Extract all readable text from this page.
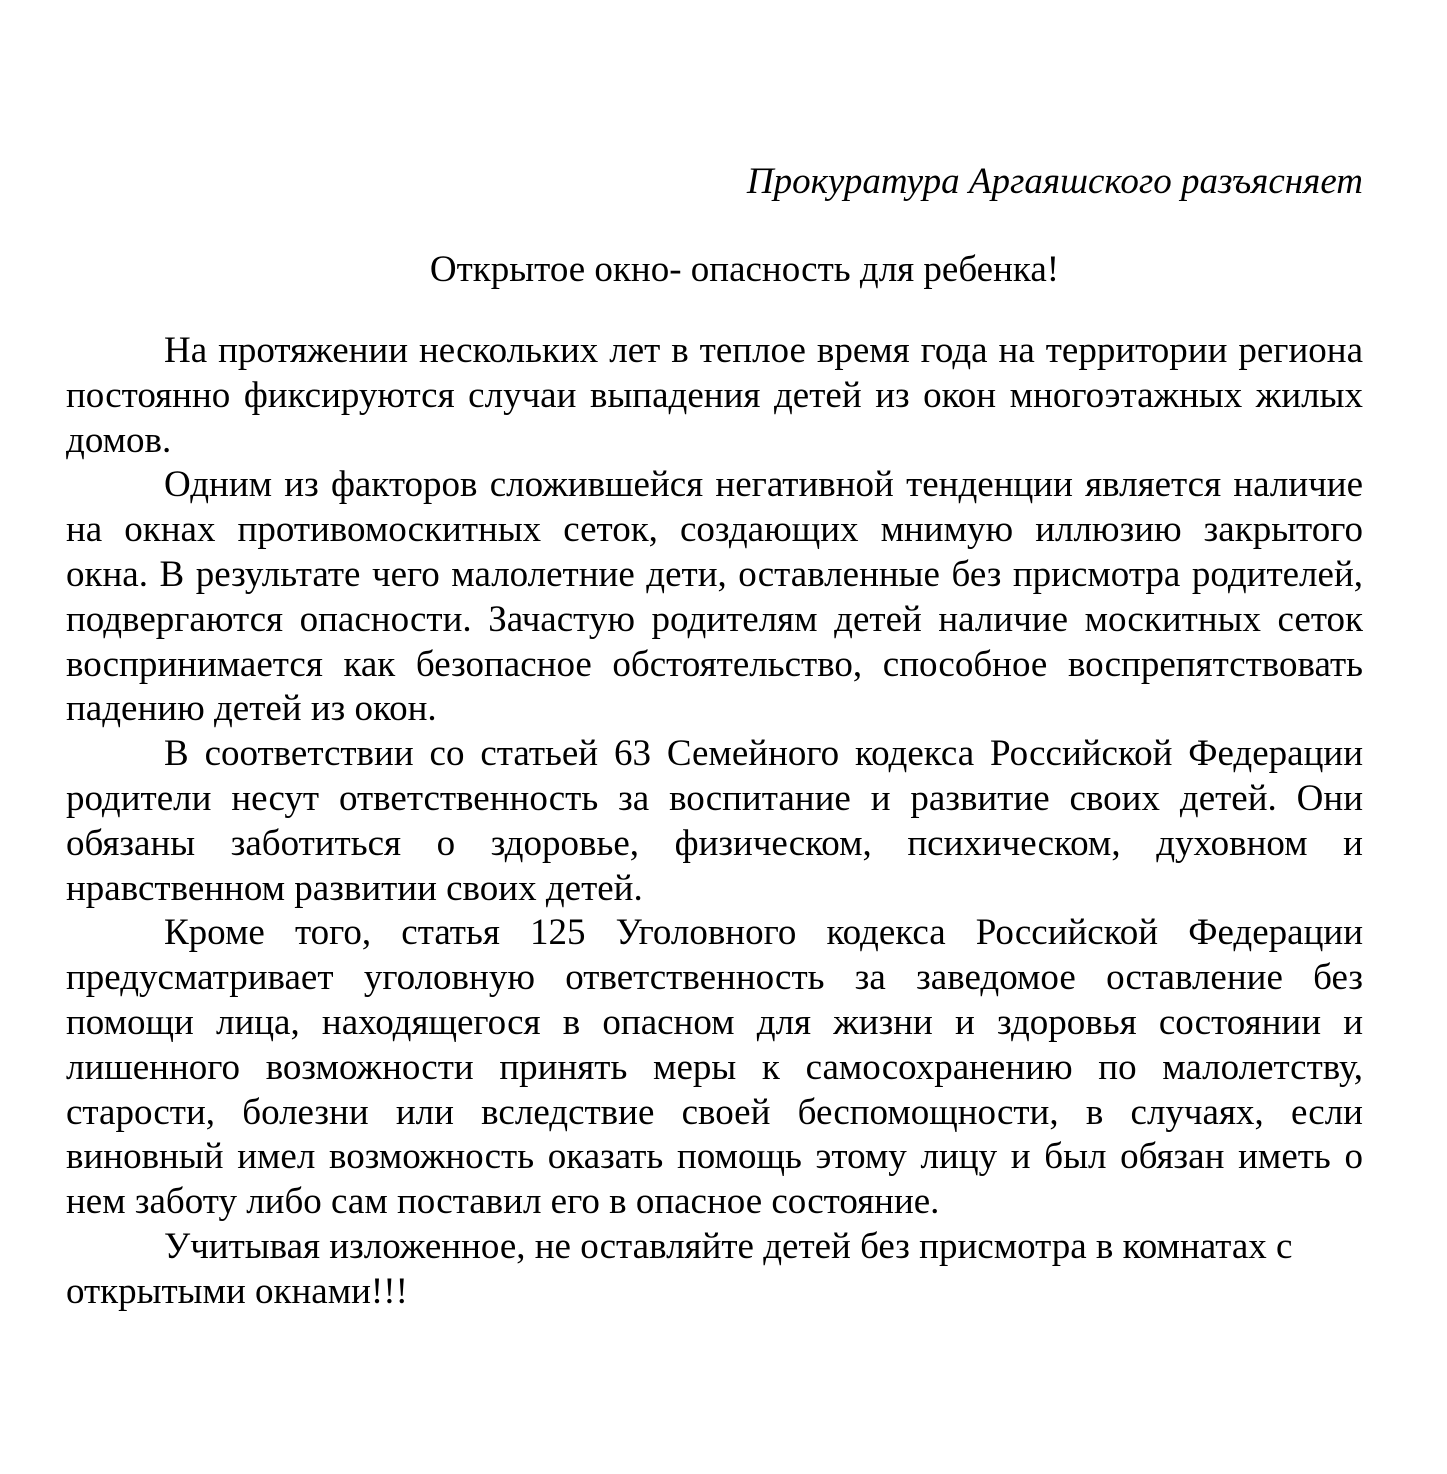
Прокуратура Аргаяшского разъясняет

Открытое окно- опасность для ребенка!

На протяжении нескольких лет в теплое время года на территории региона постоянно фиксируются случаи выпадения детей из окон многоэтажных жилых домов.

Одним из факторов сложившейся негативной тенденции является наличие на окнах противомоскитных сеток, создающих мнимую иллюзию закрытого окна. В результате чего малолетние дети, оставленные без присмотра родителей, подвергаются опасности. Зачастую родителям детей наличие москитных сеток воспринимается как безопасное обстоятельство, способное воспрепятствовать падению детей из окон.

В соответствии со статьей 63 Семейного кодекса Российской Федерации родители несут ответственность за воспитание и развитие своих детей. Они обязаны заботиться о здоровье, физическом, психическом, духовном и нравственном развитии своих детей.

Кроме того, статья 125 Уголовного кодекса Российской Федерации предусматривает уголовную ответственность за заведомое оставление без помощи лица, находящегося в опасном для жизни и здоровья состоянии и лишенного возможности принять меры к самосохранению по малолетству, старости, болезни или вследствие своей беспомощности, в случаях, если виновный имел возможность оказать помощь этому лицу и был обязан иметь о нем заботу либо сам поставил его в опасное состояние.

Учитывая изложенное, не оставляйте детей без присмотра в комнатах с открытыми окнами!!!
